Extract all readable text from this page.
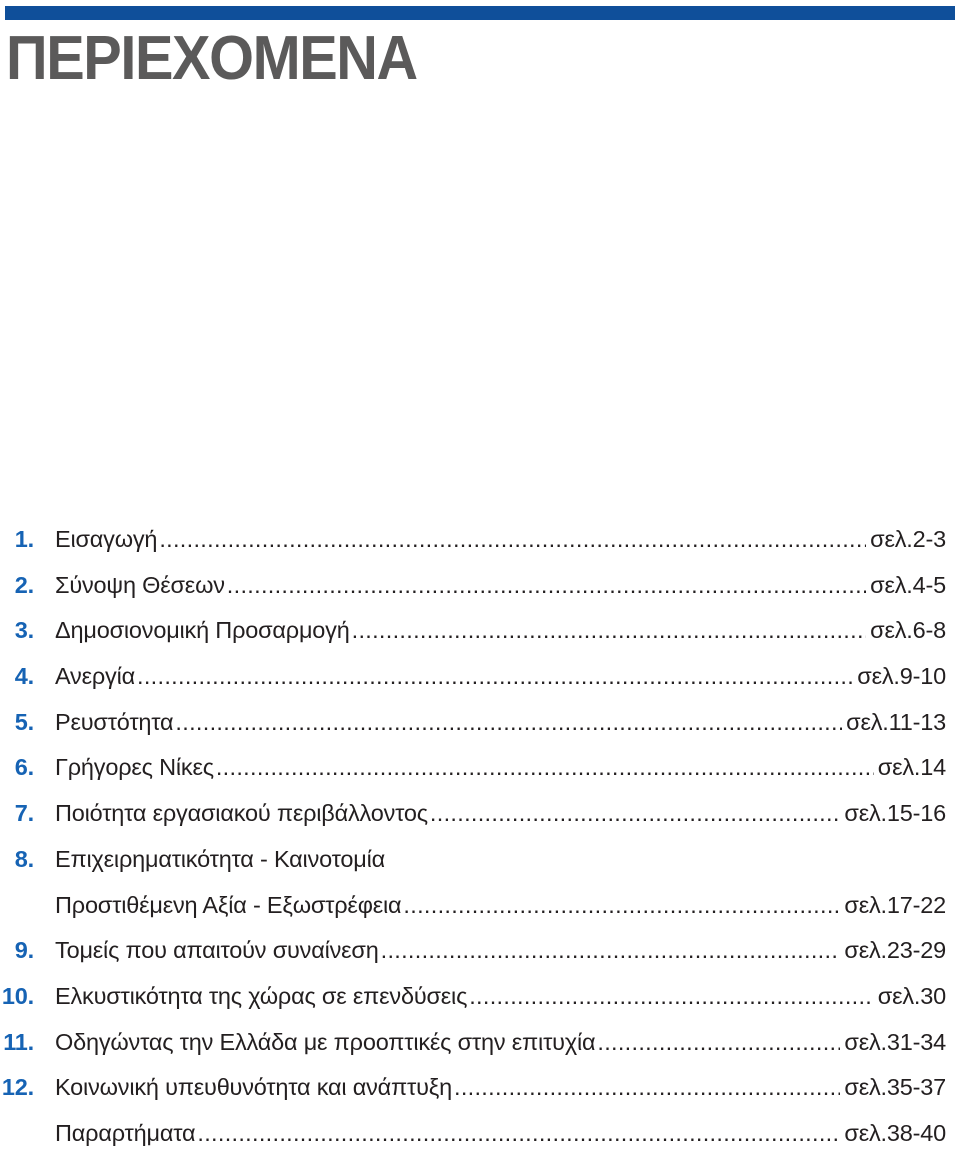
ΠΕΡΙΕΧΟΜΕΝΑ
1. Εισαγωγή .....	σελ.2-3
2. Σύνοψη Θέσεων .....	σελ.4-5
3. Δημοσιονομική Προσαρμογή .....	σελ.6-8
4. Ανεργία .....	σελ.9-10
5. Ρευστότητα .....	σελ.11-13
6. Γρήγορες Νίκες .....	σελ.14
7. Ποιότητα εργασιακού περιβάλλοντος .....	σελ.15-16
8. Επιχειρηματικότητα - Καινοτομία
Προστιθέμενη Αξία - Εξωστρέφεια .....	σελ.17-22
9. Τομείς που απαιτούν συναίνεση .....	σελ.23-29
10. Ελκυστικότητα της χώρας σε επενδύσεις .....	σελ.30
11. Οδηγώντας την Ελλάδα με προοπτικές στην επιτυχία .....	σελ.31-34
12. Κοινωνική υπευθυνότητα και ανάπτυξη .....	σελ.35-37
Παραρτήματα .....	σελ.38-40
